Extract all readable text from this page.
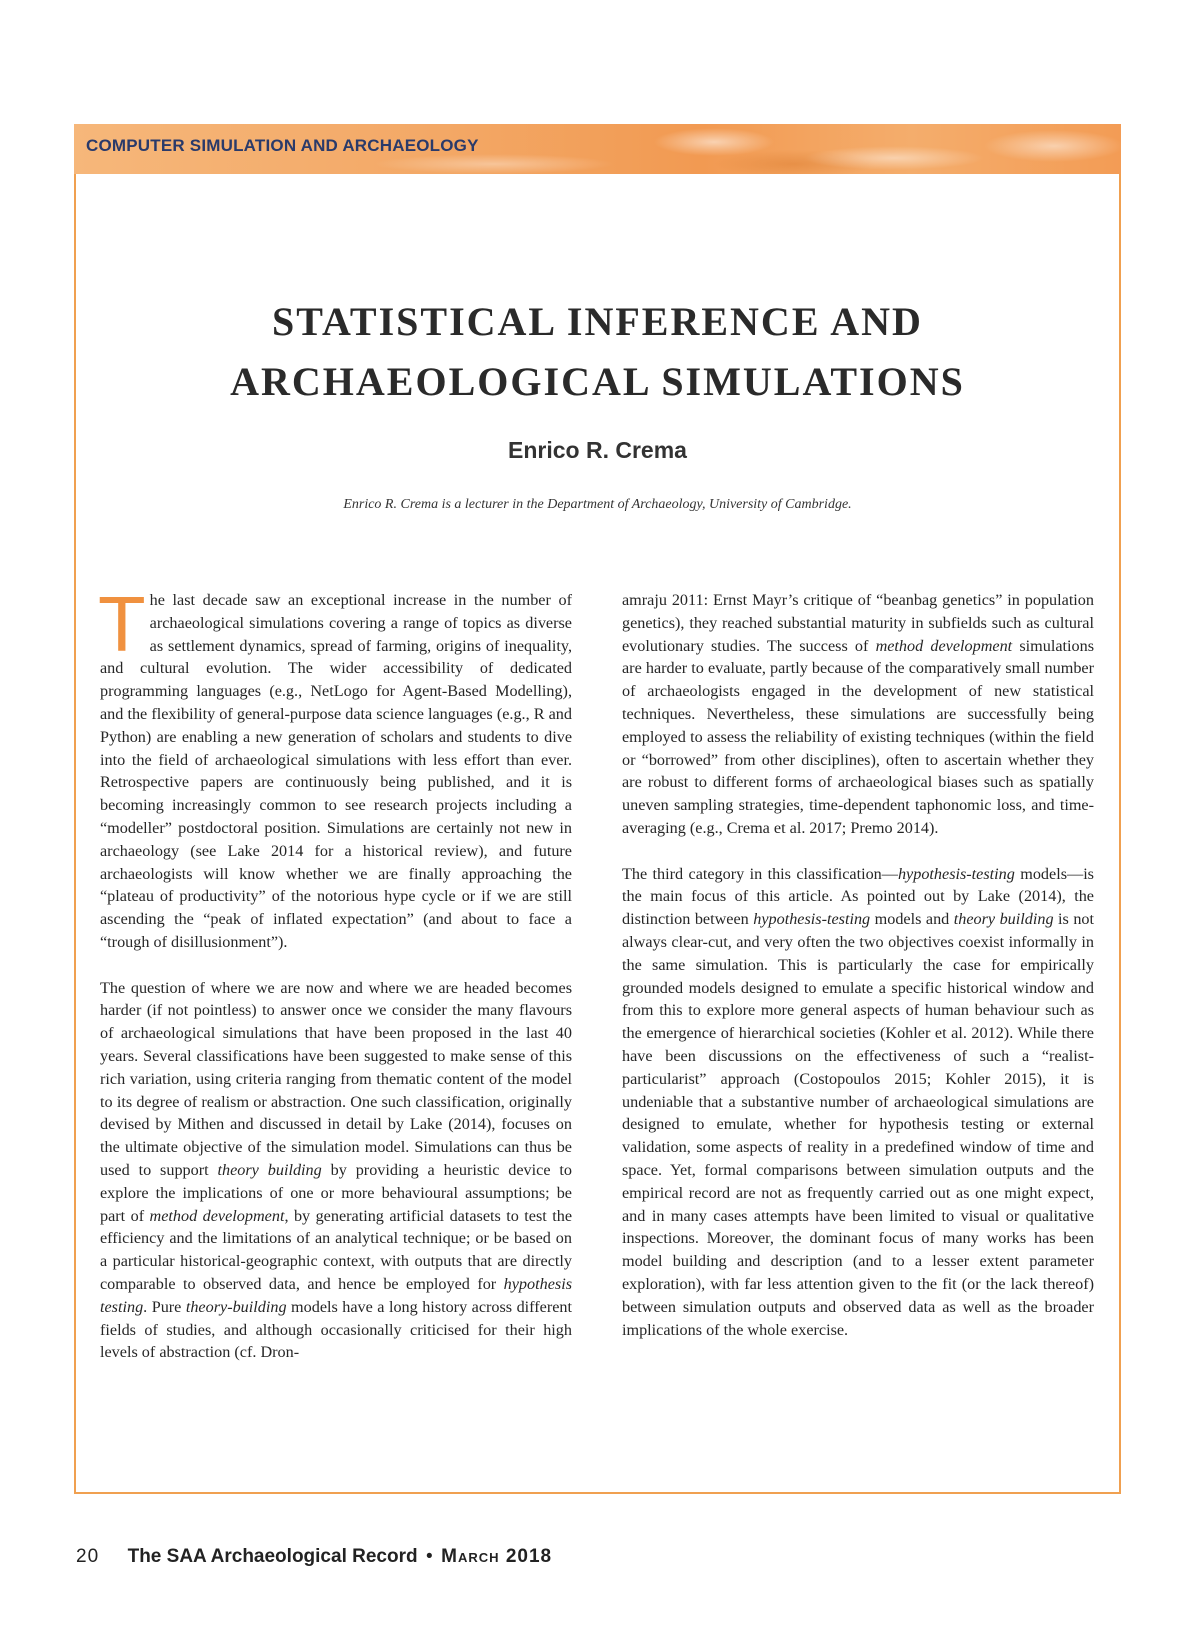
COMPUTER SIMULATION AND ARCHAEOLOGY
STATISTICAL INFERENCE AND
ARCHAEOLOGICAL SIMULATIONS
Enrico R. Crema
Enrico R. Crema is a lecturer in the Department of Archaeology, University of Cambridge.

The last decade saw an exceptional increase in the number of archaeological simulations covering a range of topics as diverse as settlement dynamics, spread of farming, origins of inequality, and cultural evolution. The wider accessibility of dedicated programming languages (e.g., NetLogo for Agent-Based Modelling), and the flexibility of general-purpose data science languages (e.g., R and Python) are enabling a new generation of scholars and students to dive into the field of archaeological simulations with less effort than ever. Retrospective papers are continuously being published, and it is becoming increasingly common to see research projects including a “modeller” postdoctoral position. Simulations are certainly not new in archaeology (see Lake 2014 for a historical review), and future archaeologists will know whether we are finally approaching the “plateau of productivity” of the notorious hype cycle or if we are still ascending the “peak of inflated expectation” (and about to face a “trough of disillusionment”).

The question of where we are now and where we are headed becomes harder (if not pointless) to answer once we consider the many flavours of archaeological simulations that have been proposed in the last 40 years. Several classifications have been suggested to make sense of this rich variation, using criteria ranging from thematic content of the model to its degree of realism or abstraction. One such classification, originally devised by Mithen and discussed in detail by Lake (2014), focuses on the ultimate objective of the simulation model. Simulations can thus be used to support theory building by providing a heuristic device to explore the implications of one or more behavioural assumptions; be part of method development, by generating artificial datasets to test the efficiency and the limitations of an analytical technique; or be based on a particular historical-geographic context, with outputs that are directly comparable to observed data, and hence be employed for hypothesis testing. Pure theory-building models have a long history across different fields of studies, and although occasionally criticised for their high levels of abstraction (cf. Dron-

amraju 2011: Ernst Mayr’s critique of “beanbag genetics” in population genetics), they reached substantial maturity in subfields such as cultural evolutionary studies. The success of method development simulations are harder to evaluate, partly because of the comparatively small number of archaeologists engaged in the development of new statistical techniques. Nevertheless, these simulations are successfully being employed to assess the reliability of existing techniques (within the field or “borrowed” from other disciplines), often to ascertain whether they are robust to different forms of archaeological biases such as spatially uneven sampling strategies, time-dependent taphonomic loss, and time-averaging (e.g., Crema et al. 2017; Premo 2014).

The third category in this classification—hypothesis-testing models—is the main focus of this article. As pointed out by Lake (2014), the distinction between hypothesis-testing models and theory building is not always clear-cut, and very often the two objectives coexist informally in the same simulation. This is particularly the case for empirically grounded models designed to emulate a specific historical window and from this to explore more general aspects of human behaviour such as the emergence of hierarchical societies (Kohler et al. 2012). While there have been discussions on the effectiveness of such a “realist-particularist” approach (Costopoulos 2015; Kohler 2015), it is undeniable that a substantive number of archaeological simulations are designed to emulate, whether for hypothesis testing or external validation, some aspects of reality in a predefined window of time and space. Yet, formal comparisons between simulation outputs and the empirical record are not as frequently carried out as one might expect, and in many cases attempts have been limited to visual or qualitative inspections. Moreover, the dominant focus of many works has been model building and description (and to a lesser extent parameter exploration), with far less attention given to the fit (or the lack thereof) between simulation outputs and observed data as well as the broader implications of the whole exercise.

20 The SAA Archaeological Record • March 2018
